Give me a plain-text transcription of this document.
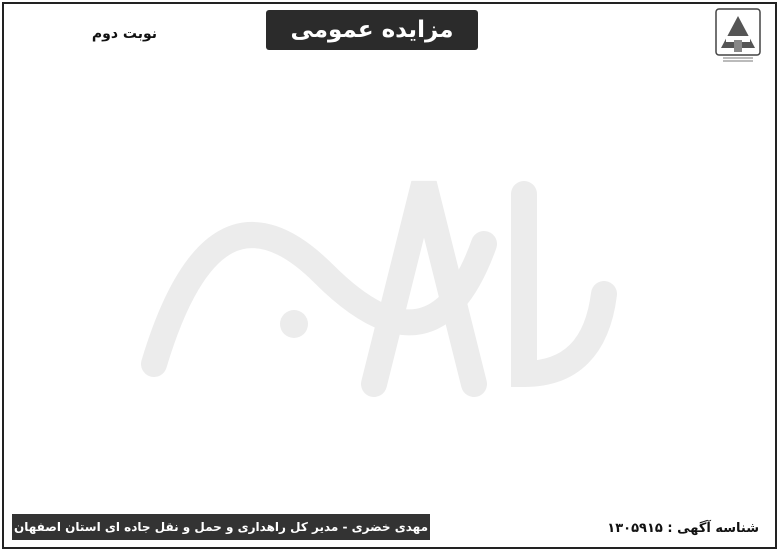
مزایده عمومی
نوبت دوم
شناسه آگهی : ۱۳۰۵۹۱۵
مهدی خضری - مدیر کل راهداری و حمل و نقل جاده ای استان اصفهان
